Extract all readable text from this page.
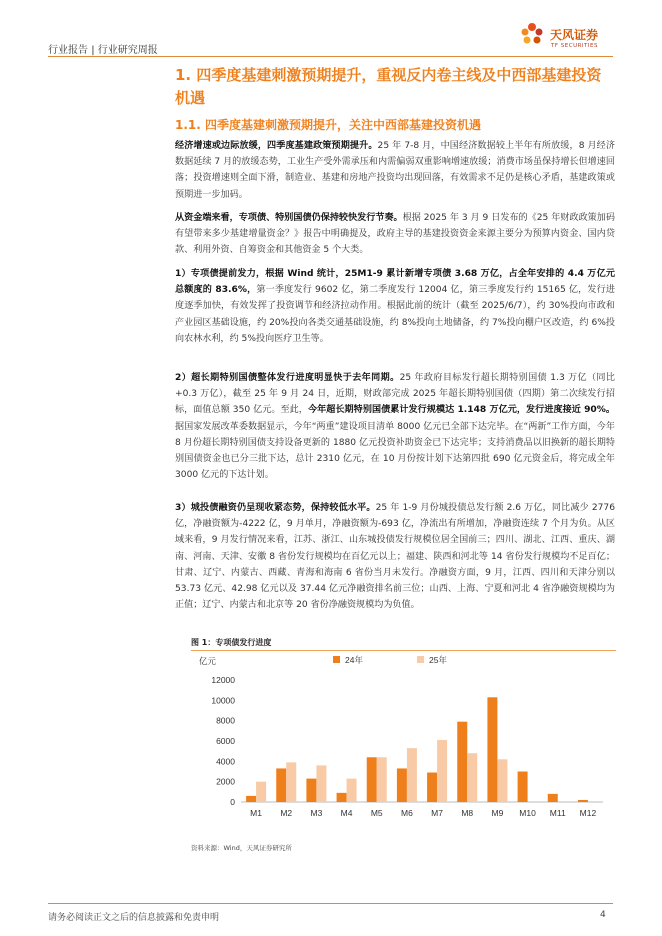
行业报告 | 行业研究周报
天风证券
TF SECURITIES
1. 四季度基建刺激预期提升，重视反内卷主线及中西部基建投资机遇
1.1. 四季度基建刺激预期提升，关注中西部基建投资机遇
经济增速或边际放缓，四季度基建政策预期提升。25 年 7-8 月，中国经济数据较上半年有所放缓，8 月经济数据延续 7 月的放缓态势，工业生产受外需承压和内需偏弱双重影响增速放缓；消费市场虽保持增长但增速回落；投资增速则全面下滑，制造业、基建和房地产投资均出现回落，有效需求不足仍是核心矛盾，基建政策或预期进一步加码。
从资金端来看，专项债、特别国债仍保持较快发行节奏。根据 2025 年 3 月 9 日发布的《25 年财政政策加码有望带来多少基建增量资金？》报告中明确提及，政府主导的基建投资资金来源主要分为预算内资金、国内贷款、利用外资、自筹资金和其他资金 5 个大类。
1）专项债提前发力，根据 Wind 统计，25M1-9 累计新增专项债 3.68 万亿，占全年安排的 4.4 万亿元总额度的 83.6%，第一季度发行 9602 亿，第二季度发行 12004 亿，第三季度发行约 15165 亿，发行进度逐季加快，有效发挥了投资调节和经济拉动作用。根据此前的统计（截至 2025/6/7），约 30%投向市政和产业园区基础设施，约 20%投向各类交通基础设施，约 8%投向土地储备，约 7%投向棚户区改造，约 6%投向农林水利，约 5%投向医疗卫生等。
2）超长期特别国债整体发行进度明显快于去年同期。25 年政府目标发行超长期特别国债 1.3 万亿（同比+0.3 万亿），截至 25 年 9 月 24 日，近期，财政部完成 2025 年超长期特别国债（四期）第二次续发行招标，面值总额 350 亿元。至此，今年超长期特别国债累计发行规模达 1.148 万亿元，发行进度接近 90%。据国家发展改革委数据显示，今年“两重”建设项目清单 8000 亿元已全部下达完毕。在“两新”工作方面，今年 8 月份超长期特别国债支持设备更新的 1880 亿元投资补助资金已下达完毕；支持消费品以旧换新的超长期特别国债资金也已分三批下达，总计 2310 亿元，在 10 月份按计划下达第四批 690 亿元资金后，将完成全年 3000 亿元的下达计划。
3）城投债融资仍呈现收紧态势，保持较低水平。25 年 1-9 月份城投债总发行额 2.6 万亿，同比减少 2776 亿，净融资额为-4222 亿，9 月单月，净融资额为-693 亿，净流出有所增加，净融资连续 7 个月为负。从区域来看，9 月发行情况来看，江苏、浙江、山东城投债发行规模位居全国前三；四川、湖北、江西、重庆、湖南、河南、天津、安徽 8 省份发行规模均在百亿元以上；福建、陕西和河北等 14 省份发行规模均不足百亿；甘肃、辽宁、内蒙古、西藏、青海和海南 6 省份当月未发行。净融资方面，9 月，江西、四川和天津分别以 53.73 亿元、42.98 亿元以及 37.44 亿元净融资排名前三位；山西、上海、宁夏和河北 4 省净融资规模均为正值；辽宁、内蒙古和北京等 20 省份净融资规模均为负值。
图 1：专项债发行进度
亿元
0
2000
4000
6000
8000
10000
12000
M1 M2 M3 M4 M5 M6 M7 M8 M9 M10 M11 M12
24年	25年
资料来源：Wind，天风证券研究所
请务必阅读正文之后的信息披露和免责申明	4
